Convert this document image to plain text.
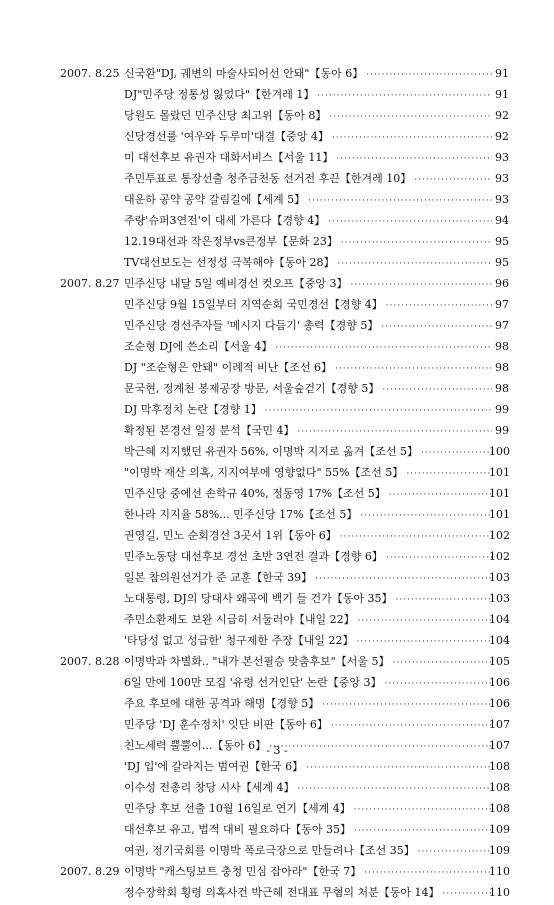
2007. 8.25 신국환"DJ, 궤변의 마술사되어선 안돼"【동아 6】 ·····	91
DJ"민주당 정통성 잃었다"【한겨레 1】 ·····	91
당원도 몰랐던 민주신당 최고위【동아 8】 ·····	92
신당경선룰 '여우와 두루미'대결【중앙 4】 ·····	92
미 대선후보 유권자 대화서비스【서울 11】 ·····	93
주민투표로 통장선출 청주금천동 선거전 후끈【한겨레 10】 ·····	93
대운하 공약 공약 갈림길에【세계 5】 ·····	93
주량'슈퍼3연전'이 대세 가른다【경향 4】 ·····	94
12.19대선과 작은정부vs큰정부【문화 23】 ·····	95
TV대선보도는 선정성 극복해야【동아 28】 ·····	95
2007. 8.27 민주신당 내달 5일 예비경선 컷오프【중앙 3】 ·····	96
민주신당 9월 15일부터 지역순회 국민경선【경향 4】 ·····	97
민주신당 경선주자들 '메시지 다듬기' 총력【경향 5】 ·····	97
조순형 DJ에 쓴소리【서울 4】 ·····	98
DJ "조순형은 안돼" 이례적 비난【조선 6】 ·····	98
문국현, 정계천 봉제공장 방문, 서울숲걷기【경향 5】 ·····	98
DJ 막후정치 논란【경향 1】 ·····	99
확정된 본경선 일정 분석【국민 4】 ·····	99
박근혜 지지했던 유권자 56%, 이명박 지지로 옮겨【조선 5】 ·····	100
"이명박 재산 의혹, 지지여부에 영향없다" 55%【조선 5】 ·····	101
민주신당 중에선 손학규 40%, 정동영 17%【조선 5】 ·····	101
한나라 지지율 58%... 민주신당 17%【조선 5】 ·····	101
권영길, 민노 순회경선 3곳서 1위【동아 6】 ·····	102
민주노동당 대선후보 경선 초반 3연전 결과【경향 6】 ·····	102
일본 참의원선거가 준 교훈【한국 39】 ·····	103
노대통령, DJ의 당대사 왜곡에 백기 들 건가【동아 35】 ·····	103
주민소환제도 보완 시급히 서둘러야【내일 22】 ·····	104
'타당성 없고 성급한' 청구제한 주장【내일 22】 ·····	104
2007. 8.28 이명박과 차별화.. "내가 본선필승 맞춤후보"【서울 5】 ·····	105
6일 만에 100만 모집 '유령 선거인단' 논란【중앙 3】 ·····	106
주요 후보에 대한 공격과 해명【경향 5】 ·····	106
민주당 'DJ 훈수정치' 잇단 비판【동아 6】 ·····	107
친노세력 뿔뿔이...【동아 6】 ·····	107
'DJ 입'에 갈라지는 범여권【한국 6】 ·····	108
이수성 전총리 창당 시사【세계 4】 ·····	108
민주당 후보 선출 10월 16일로 연기【세계 4】 ·····	108
대선후보 유고, 법적 대비 필요하다【동아 35】 ·····	109
여권, 정기국회를 이명박 폭로극장으로 만들려나【조선 35】 ·····	109
2007. 8.29 이명박 "캐스팅보트 충청 민심 잡아라"【한국 7】 ·····	110
정수장학회 횡령 의혹사건 박근혜 전대표 무혐의 처분【동아 14】 ·····	110
- 3 -
